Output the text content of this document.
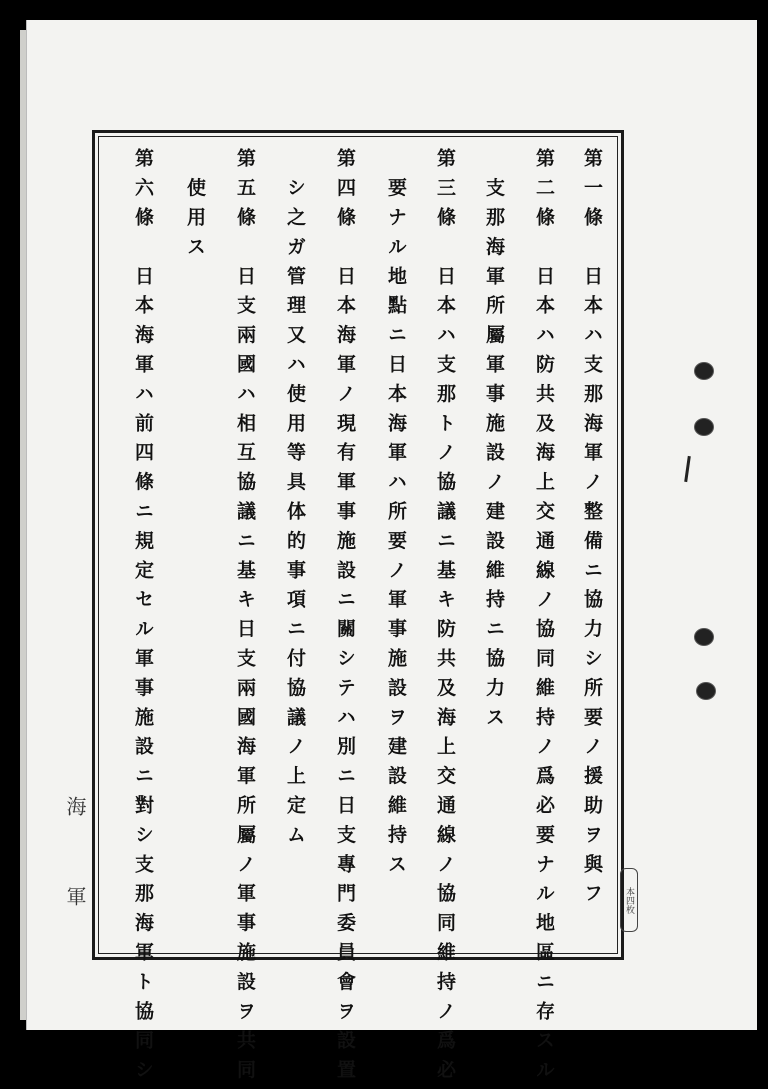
第一條　日本ハ支那海軍ノ整備ニ協力シ所要ノ援助ヲ與フ
第二條　日本ハ防共及海上交通線ノ協同維持ノ爲必要ナル地區ニ存スル
　支那海軍所屬軍事施設ノ建設維持ニ協力ス
第三條　日本ハ支那トノ協議ニ基キ防共及海上交通線ノ協同維持ノ爲必
　要ナル地點ニ日本海軍ハ所要ノ軍事施設ヲ建設維持ス
第四條　日本海軍ノ現有軍事施設ニ關シテハ別ニ日支專門委員會ヲ設置
　シ之ガ管理又ハ使用等具体的事項ニ付協議ノ上定ム
第五條　日支兩國ハ相互協議ニ基キ日支兩國海軍所屬ノ軍事施設ヲ共同
　使用ス
第六條　日本海軍ハ前四條ニ規定セル軍事施設ニ對シ支那海軍ト協同シ
海
軍	本四枚
